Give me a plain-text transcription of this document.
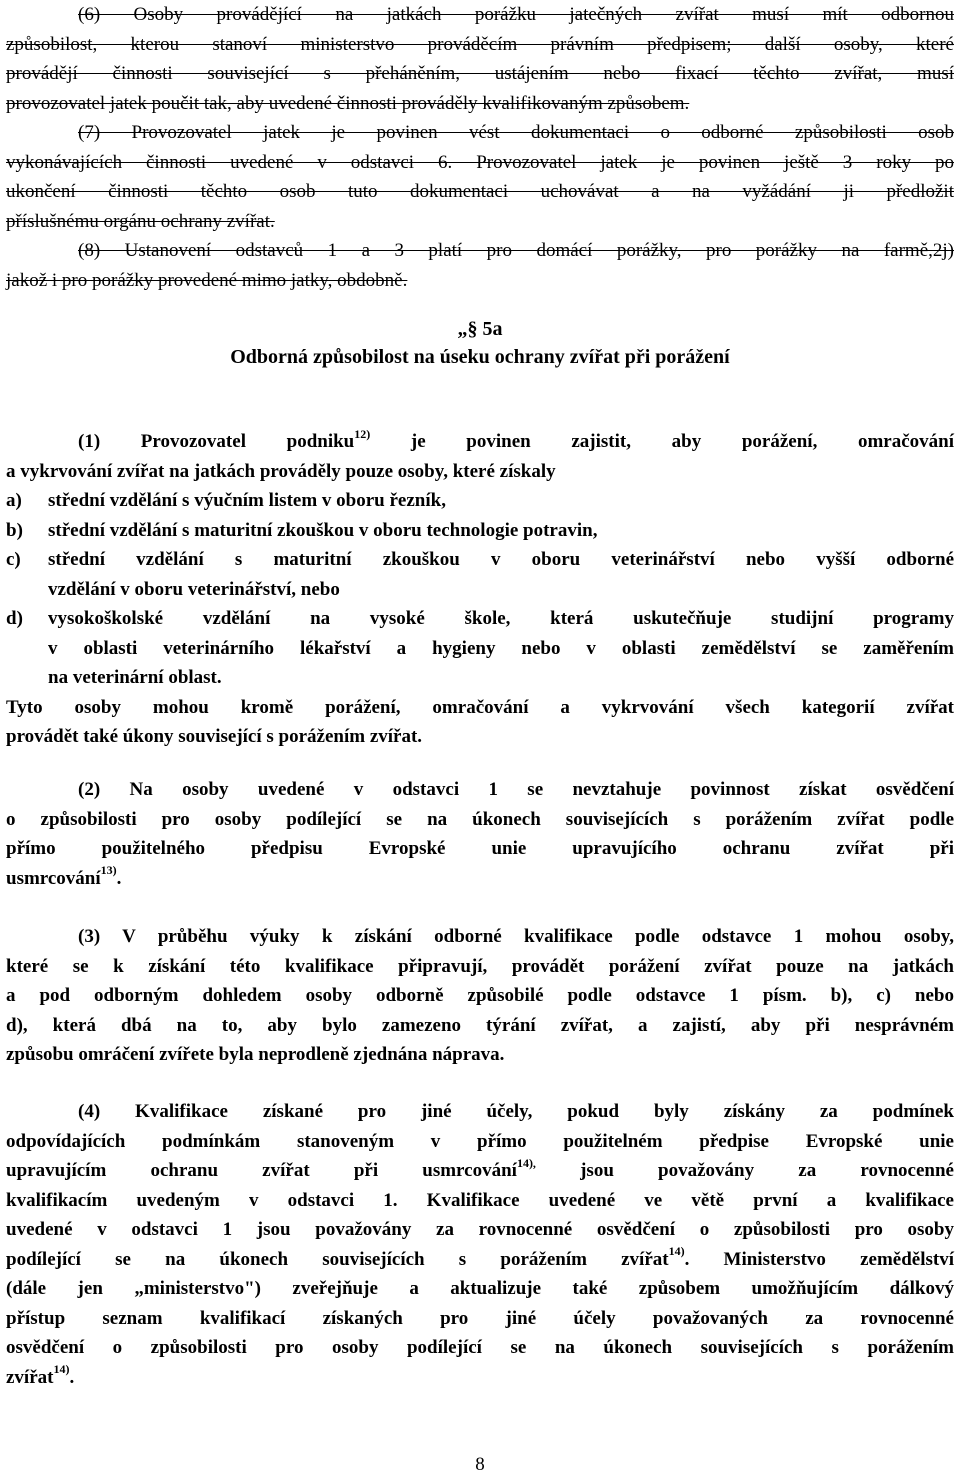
(6) Osoby provádějící na jatkách porážku jatečných zvířat musí mít odbornou
způsobilost, kterou stanoví ministerstvo prováděcím právním předpisem; další osoby, které
provádějí činnosti související s přeháněním, ustájením nebo fixací těchto zvířat, musí
provozovatel jatek poučit tak, aby uvedené činnosti prováděly kvalifikovaným způsobem.
(7) Provozovatel jatek je povinen vést dokumentaci o odborné způsobilosti osob
vykonávajících činnosti uvedené v odstavci 6. Provozovatel jatek je povinen ještě 3 roky po
ukončení činnosti těchto osob tuto dokumentaci uchovávat a na vyžádání ji předložit
příslušnému orgánu ochrany zvířat.
(8) Ustanovení odstavců 1 a 3 platí pro domácí porážky, pro porážky na farmě,2j)
jakož i pro porážky provedené mimo jatky, obdobně.
„§ 5a
Odborná způsobilost na úseku ochrany zvířat při porážení
(1) Provozovatel podniku$^{12)}$ je povinen zajistit, aby porážení, omračování
a vykrvování zvířat na jatkách prováděly pouze osoby, které získaly
a) střední vzdělání s výučním listem v oboru řezník,
b) střední vzdělání s maturitní zkouškou v oboru technologie potravin,
c) střední vzdělání s maturitní zkouškou v oboru veterinářství nebo vyšší odborné
vzdělání v oboru veterinářství, nebo
d) vysokoškolské vzdělání na vysoké škole, která uskutečňuje studijní programy
v oblasti veterinárního lékařství a hygieny nebo v oblasti zemědělství se zaměřením
na veterinární oblast.
Tyto osoby mohou kromě porážení, omračování a vykrvování všech kategorií zvířat
provádět také úkony související s porážením zvířat.
(2) Na osoby uvedené v odstavci 1 se nevztahuje povinnost získat osvědčení
o způsobilosti pro osoby podílející se na úkonech souvisejících s porážením zvířat podle
přímo použitelného předpisu Evropské unie upravujícího ochranu zvířat při
usmrcování$^{13)}$.
(3) V průběhu výuky k získání odborné kvalifikace podle odstavce 1 mohou osoby,
které se k získání této kvalifikace připravují, provádět porážení zvířat pouze na jatkách
a pod odborným dohledem osoby odborně způsobilé podle odstavce 1 písm. b), c) nebo
d), která dbá na to, aby bylo zamezeno týrání zvířat, a zajistí, aby při nesprávném
způsobu omráčení zvířete byla neprodleně zjednána náprava.
(4) Kvalifikace získané pro jiné účely, pokud byly získány za podmínek
odpovídajících podmínkám stanoveným v přímo použitelném předpise Evropské unie
upravujícím ochranu zvířat při usmrcování$^{14),}$ jsou považovány za rovnocenné
kvalifikacím uvedeným v odstavci 1. Kvalifikace uvedené ve větě první a kvalifikace
uvedené v odstavci 1 jsou považovány za rovnocenné osvědčení o způsobilosti pro osoby
podílející se na úkonech souvisejících s porážením zvířat$^{14)}$. Ministerstvo zemědělství
(dále jen „ministerstvo") zveřejňuje a aktualizuje také způsobem umožňujícím dálkový
přístup seznam kvalifikací získaných pro jiné účely považovaných za rovnocenné
osvědčení o způsobilosti pro osoby podílející se na úkonech souvisejících s porážením
zvířat$^{14)}$.
8
